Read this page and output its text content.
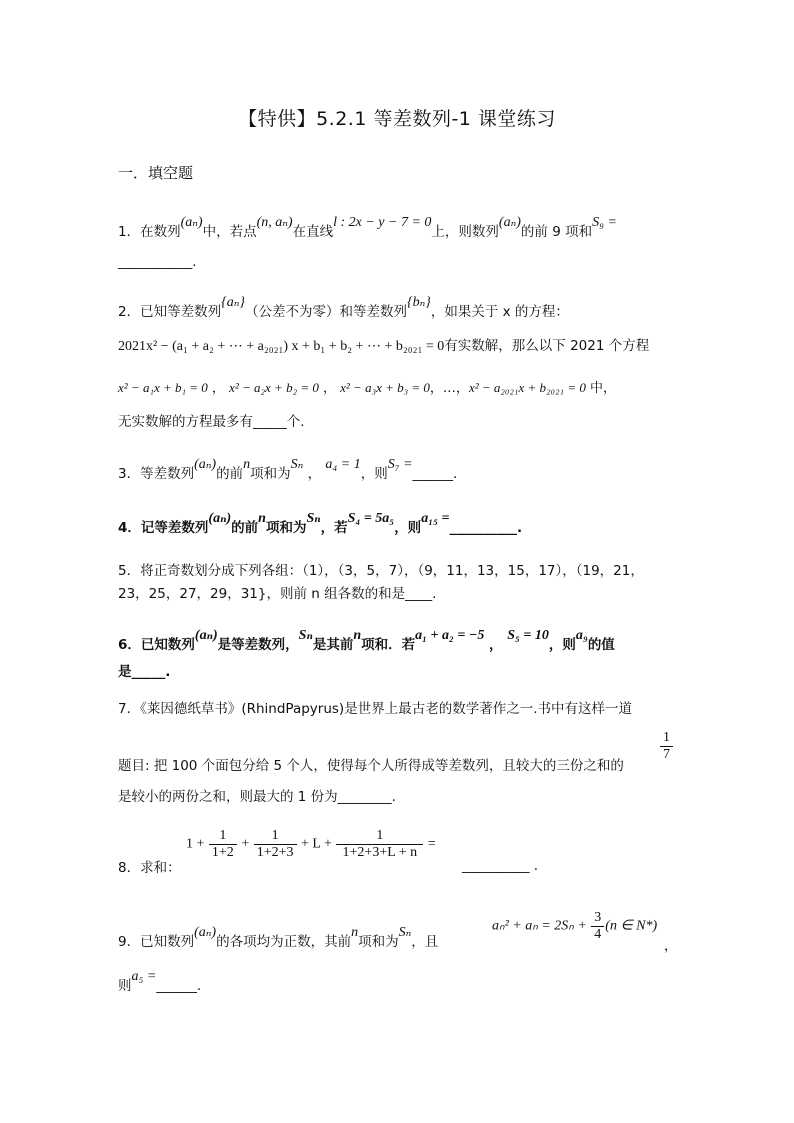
【特供】5.2.1 等差数列-1 课堂练习
一．填空题
1．在数列(aₙ)中，若点(n, aₙ)在直线l : 2x − y − 7 = 0上，则数列(aₙ)的前 9 项和S₉ =
___________.
2．已知等差数列{aₙ}（公差不为零）和等差数列{bₙ}，如果关于 x 的方程：
2021x² − (a₁ + a₂ + ⋯ + a₂₀₂₁) x + b₁ + b₂ + ⋯ + b₂₀₂₁ = 0有实数解，那么以下 2021 个方程
x² − a₁x + b₁ = 0 ， x² − a₂x + b₂ = 0 ， x² − a₃x + b₃ = 0，…，x² − a₂₀₂₁x + b₂₀₂₁ = 0 中，
无实数解的方程最多有_____个.
3．等差数列(aₙ)的前n项和为Sₙ ， a₄ = 1，则S₇ =______.
4．记等差数列(aₙ)的前n项和为Sₙ，若S₄ = 5a₅，则a₁₅ =__________.
5．将正奇数划分成下列各组：（1），（3，5，7），（9，11，13，15，17），（19，21，
23，25，27，29，31}，则前 n 组各数的和是____.
6．已知数列(aₙ)是等差数列，Sₙ是其前n项和．若a₁ + a₂ = −5 ， S₅ = 10，则a₉的值
是_____.
7．《莱因德纸草书》(RhindPapyrus)是世界上最古老的数学著作之一.书中有这样一道
题目: 把 100 个面包分给 5 个人，使得每个人所得成等差数列，且较大的三份之和的
$\frac{1}{7}$
是较小的两份之和，则最大的 1 份为________.
8．求和：
$1 + \frac{1}{1+2} + \frac{1}{1+2+3} + L + \frac{1}{1+2+3+L + n}$ =
__________ .
9．已知数列(aₙ)的各项均为正数，其前n项和为Sₙ，且
$a_n^2 + a_n = 2S_n + \frac{3}{4} (n$ ∈ N*)
，
则a₅ =______.
